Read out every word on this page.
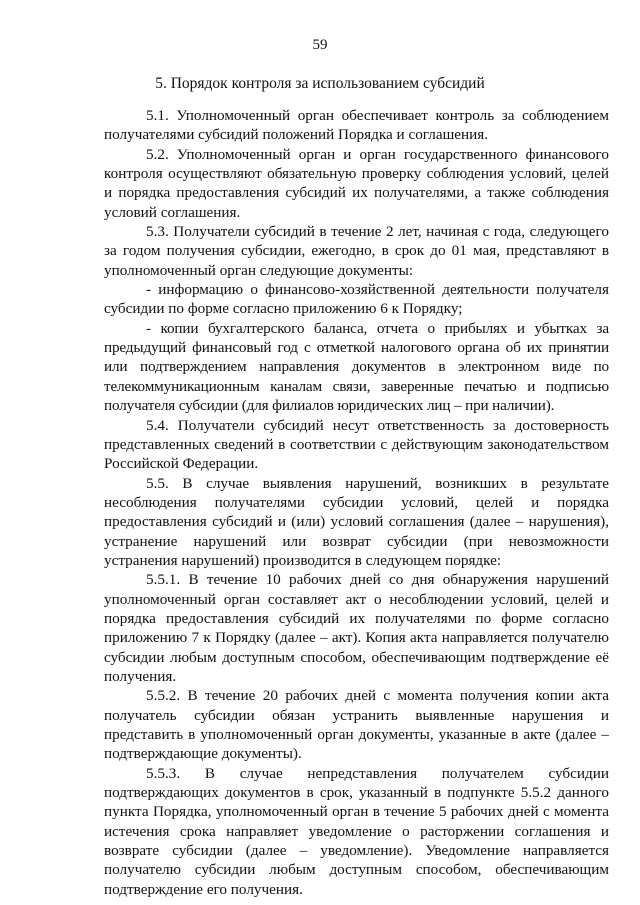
59
5. Порядок контроля за использованием субсидий

5.1. Уполномоченный орган обеспечивает контроль за соблюдением получателями субсидий положений Порядка и соглашения.

5.2. Уполномоченный орган и орган государственного финансового контроля осуществляют обязательную проверку соблюдения условий, целей и порядка предоставления субсидий их получателями, а также соблюдения условий соглашения.

5.3. Получатели субсидий в течение 2 лет, начиная с года, следующего за годом получения субсидии, ежегодно, в срок до 01 мая, представляют в уполномоченный орган следующие документы:

- информацию о финансово-хозяйственной деятельности получателя субсидии по форме согласно приложению 6 к Порядку;

- копии бухгалтерского баланса, отчета о прибылях и убытках за предыдущий финансовый год с отметкой налогового органа об их принятии или подтверждением направления документов в электронном виде по телекоммуникационным каналам связи, заверенные печатью и подписью получателя субсидии (для филиалов юридических лиц – при наличии).

5.4. Получатели субсидий несут ответственность за достоверность представленных сведений в соответствии с действующим законодательством Российской Федерации.

5.5. В случае выявления нарушений, возникших в результате несоблюдения получателями субсидии условий, целей и порядка предоставления субсидий и (или) условий соглашения (далее – нарушения), устранение нарушений или возврат субсидии (при невозможности устранения нарушений) производится в следующем порядке:

5.5.1. В течение 10 рабочих дней со дня обнаружения нарушений уполномоченный орган составляет акт о несоблюдении условий, целей и порядка предоставления субсидий их получателями по форме согласно приложению 7 к Порядку (далее – акт). Копия акта направляется получателю субсидии любым доступным способом, обеспечивающим подтверждение её получения.

5.5.2. В течение 20 рабочих дней с момента получения копии акта получатель субсидии обязан устранить выявленные нарушения и представить в уполномоченный орган документы, указанные в акте (далее – подтверждающие документы).

5.5.3. В случае непредставления получателем субсидии подтверждающих документов в срок, указанный в подпункте 5.5.2 данного пункта Порядка, уполномоченный орган в течение 5 рабочих дней с момента истечения срока направляет уведомление о расторжении соглашения и возврате субсидии (далее – уведомление). Уведомление направляется получателю субсидии любым доступным способом, обеспечивающим подтверждение его получения.
